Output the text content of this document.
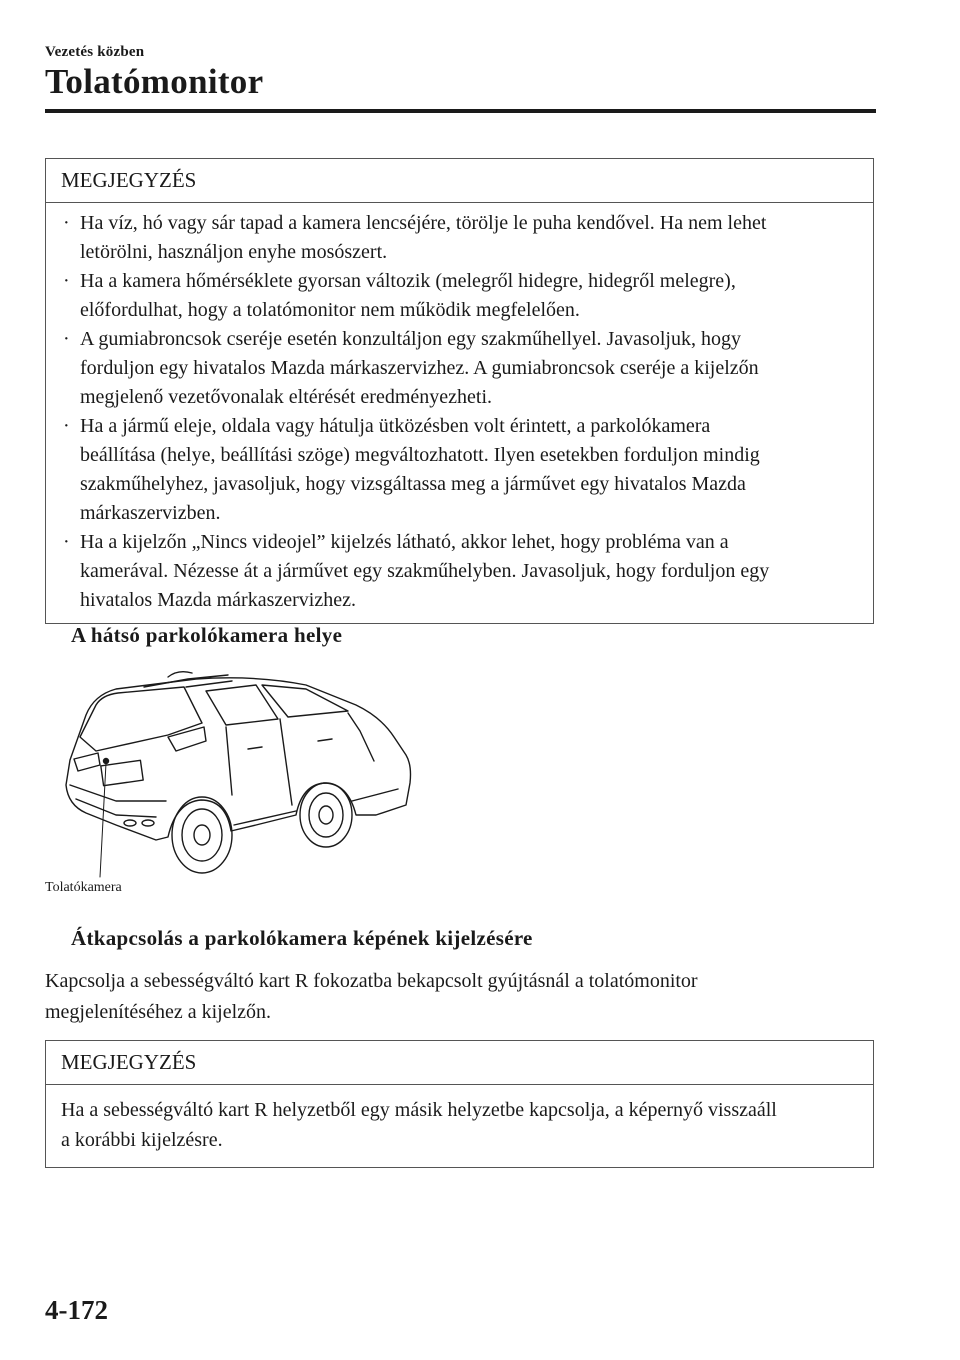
Vezetés közben
Tolatómonitor
MEGJEGYZÉS
· Ha víz, hó vagy sár tapad a kamera lencséjére, törölje le puha kendővel. Ha nem lehet
letörölni, használjon enyhe mosószert.
· Ha a kamera hőmérséklete gyorsan változik (melegről hidegre, hidegről melegre),
előfordulhat, hogy a tolatómonitor nem működik megfelelően.
· A gumiabroncsok cseréje esetén konzultáljon egy szakműhellyel. Javasoljuk, hogy
forduljon egy hivatalos Mazda márkaszervizhez. A gumiabroncsok cseréje a kijelzőn
megjelenő vezetővonalak eltérését eredményezheti.
· Ha a jármű eleje, oldala vagy hátulja ütközésben volt érintett, a parkolókamera
beállítása (helye, beállítási szöge) megváltozhatott. Ilyen esetekben forduljon mindig
szakműhelyhez, javasoljuk, hogy vizsgáltassa meg a járművet egy hivatalos Mazda
márkaszervizben.
· Ha a kijelzőn „Nincs videojel” kijelzés látható, akkor lehet, hogy probléma van a
kamerával. Nézesse át a járművet egy szakműhelyben. Javasoljuk, hogy forduljon egy
hivatalos Mazda márkaszervizhez.
A hátsó parkolókamera helye
Tolatókamera
Átkapcsolás a parkolókamera képének kijelzésére
Kapcsolja a sebességváltó kart R fokozatba bekapcsolt gyújtásnál a tolatómonitor
megjelenítéséhez a kijelzőn.
MEGJEGYZÉS
Ha a sebességváltó kart R helyzetből egy másik helyzetbe kapcsolja, a képernyő visszaáll
a korábbi kijelzésre.
4-172
